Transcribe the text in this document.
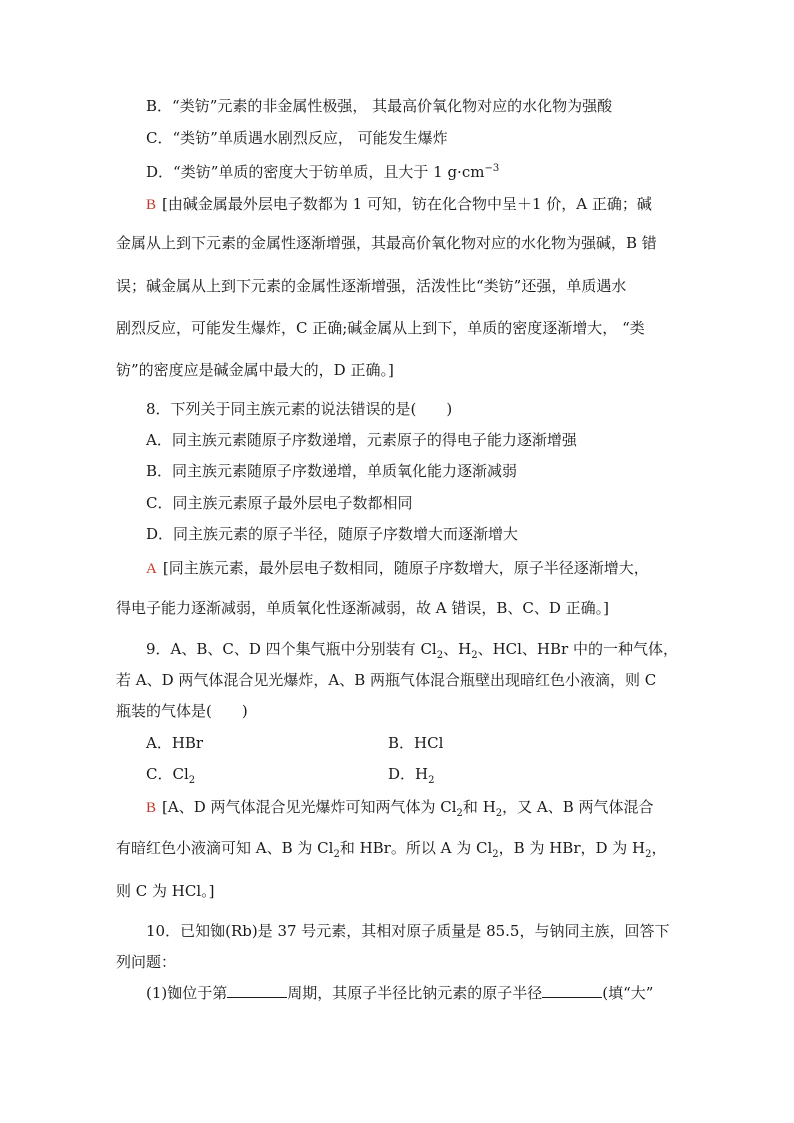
B．“类钫”元素的非金属性极强， 其最高价氧化物对应的水化物为强酸
C．“类钫”单质遇水剧烈反应， 可能发生爆炸
D．“类钫”单质的密度大于钫单质，且大于 1 $g\cdot cm^{-3}$
B [由碱金属最外层电子数都为 1 可知，钫在化合物中呈＋1 价，A 正确；碱
金属从上到下元素的金属性逐渐增强，其最高价氧化物对应的水化物为强碱，B 错
误；碱金属从上到下元素的金属性逐渐增强，活泼性比“类钫”还强，单质遇水
剧烈反应，可能发生爆炸，C 正确;碱金属从上到下，单质的密度逐渐增大， “类
钫”的密度应是碱金属中最大的，D 正确。]
8．下列关于同主族元素的说法错误的是(　　)
A．同主族元素随原子序数递增，元素原子的得电子能力逐渐增强
B．同主族元素随原子序数递增，单质氧化能力逐渐减弱
C．同主族元素原子最外层电子数都相同
D．同主族元素的原子半径，随原子序数增大而逐渐增大
A [同主族元素，最外层电子数相同，随原子序数增大，原子半径逐渐增大，
得电子能力逐渐减弱，单质氧化性逐渐减弱，故 A 错误，B、C、D 正确。]
9．A、B、C、D 四个集气瓶中分别装有 $Cl_2$、$H_2$、HCl、HBr 中的一种气体，
若 A、D 两气体混合见光爆炸，A、B 两瓶气体混合瓶壁出现暗红色小液滴，则 C
瓶装的气体是(　　)
A．HBr	B．HCl
C．$Cl_2$	D．$H_2$
B [A、D 两气体混合见光爆炸可知两气体为 $Cl_2$和 $H_2$，又 A、B 两气体混合
有暗红色小液滴可知 A、B 为 $Cl_2$和 HBr。所以 A 为 $Cl_2$，B 为 HBr，D 为 $H_2$，
则 C 为 HCl。]
10．已知铷(Rb)是 37 号元素，其相对原子质量是 85.5，与钠同主族，回答下
列问题：
(1)铷位于第	周期，其原子半径比钠元素的原子半径	(填“大”
